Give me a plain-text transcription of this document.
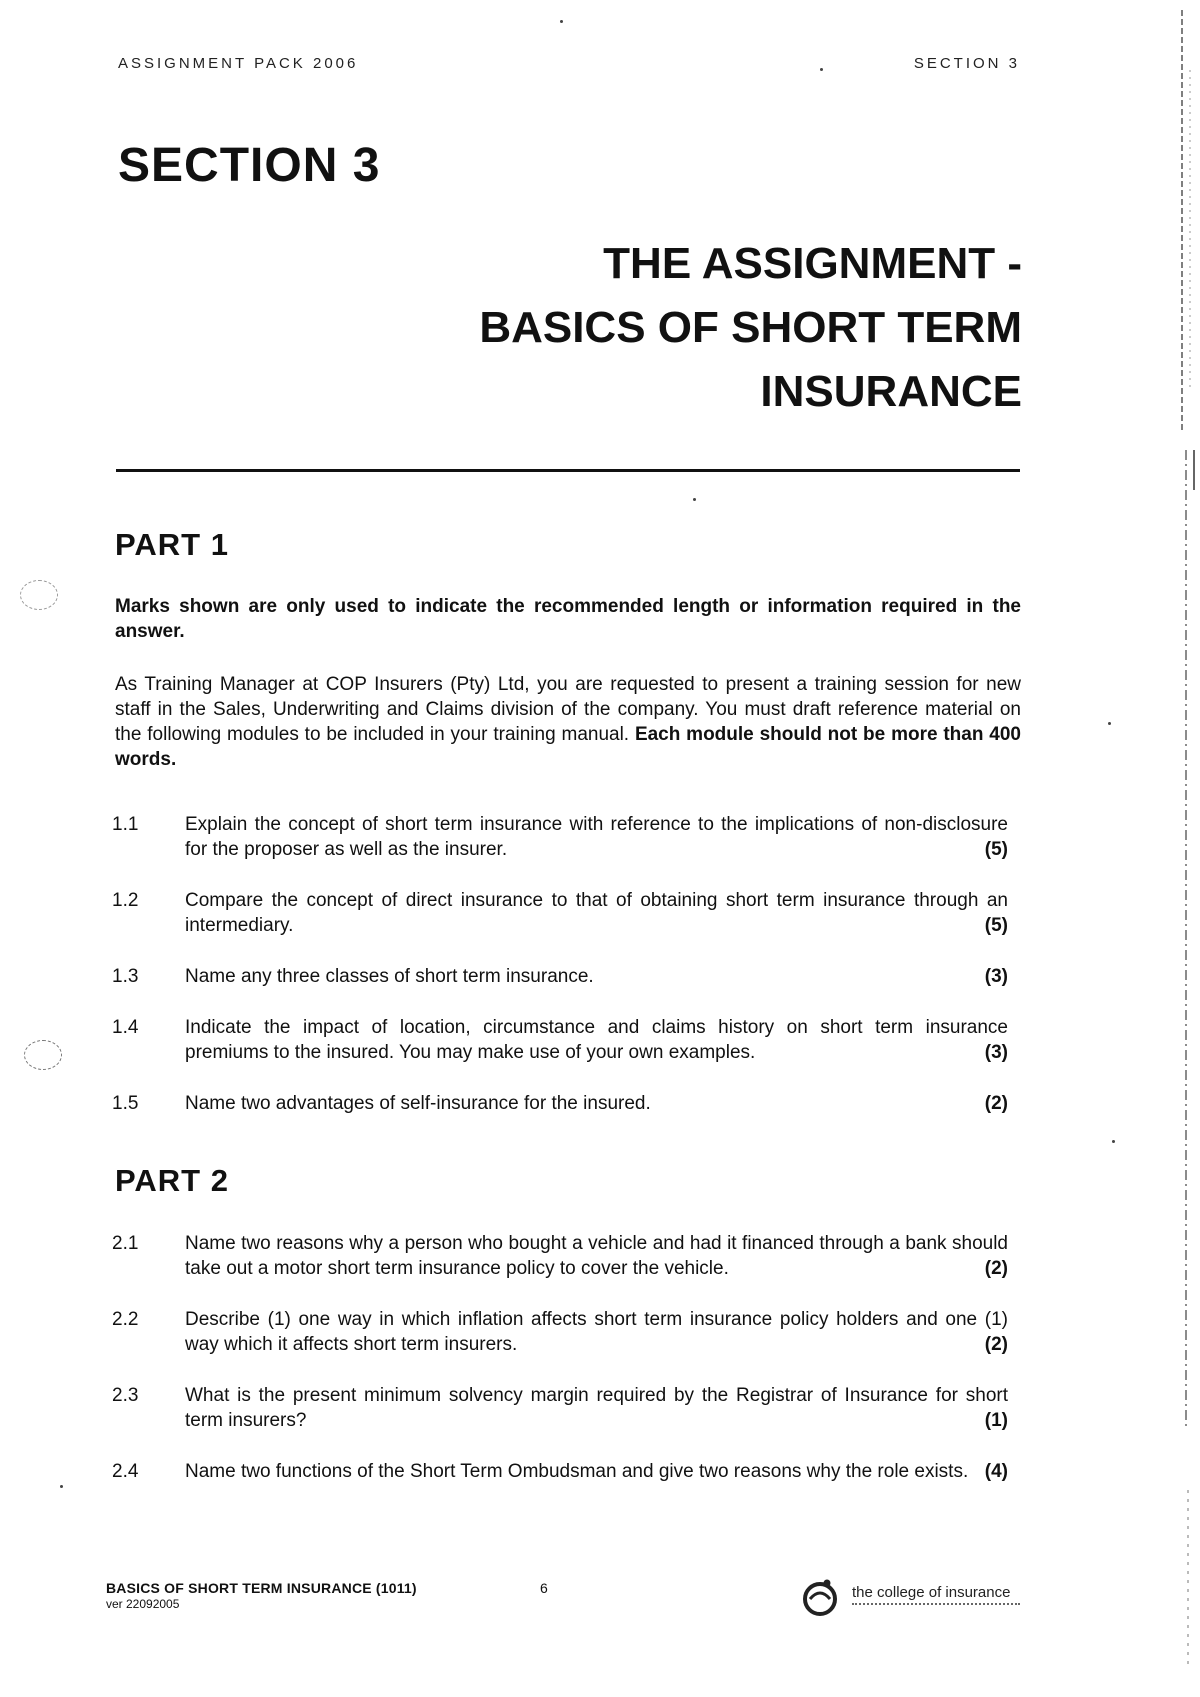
ASSIGNMENT PACK 2006	SECTION 3
SECTION 3
THE ASSIGNMENT -
BASICS OF SHORT TERM
INSURANCE
PART 1
Marks shown are only used to indicate the recommended length or information required in the answer.
As Training Manager at COP Insurers (Pty) Ltd, you are requested to present a training session for new staff in the Sales, Underwriting and Claims division of the company. You must draft reference material on the following modules to be included in your training manual. Each module should not be more than 400 words.
1.1	Explain the concept of short term insurance with reference to the implications of non-disclosure for the proposer as well as the insurer.	(5)
1.2	Compare the concept of direct insurance to that of obtaining short term insurance through an intermediary.	(5)
1.3	Name any three classes of short term insurance.	(3)
1.4	Indicate the impact of location, circumstance and claims history on short term insurance premiums to the insured. You may make use of your own examples.	(3)
1.5	Name two advantages of self-insurance for the insured.	(2)
PART 2
2.1	Name two reasons why a person who bought a vehicle and had it financed through a bank should take out a motor short term insurance policy to cover the vehicle.	(2)
2.2	Describe (1) one way in which inflation affects short term insurance policy holders and one (1) way which it affects short term insurers.	(2)
2.3	What is the present minimum solvency margin required by the Registrar of Insurance for short term insurers?	(1)
2.4	Name two functions of the Short Term Ombudsman and give two reasons why the role exists. (4)
BASICS OF SHORT TERM INSURANCE (1011)
ver 22092005
6	the college of insurance
